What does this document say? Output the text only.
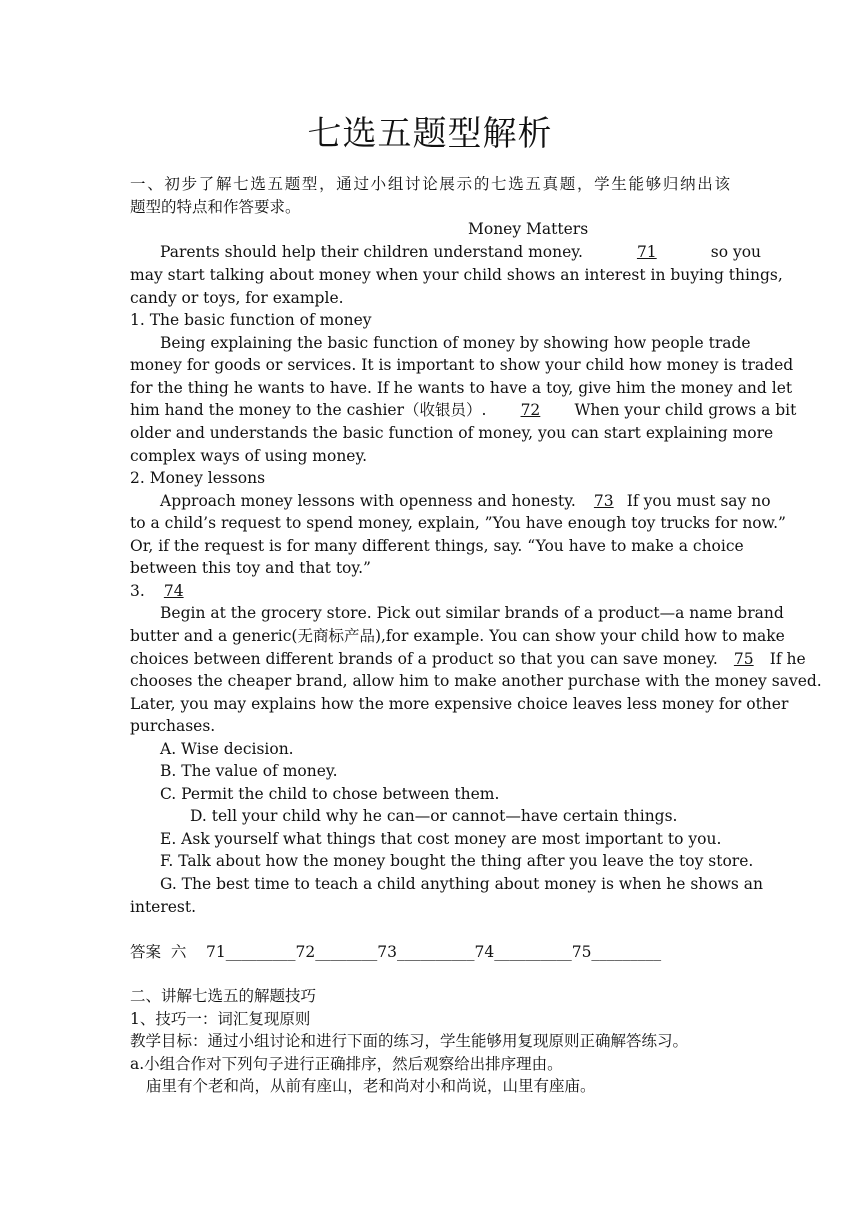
七选五题型解析
一、初步了解七选五题型，通过小组讨论展示的七选五真题，学生能够归纳出该
题型的特点和作答要求。
Money Matters
Parents should help their children understand money.	71	so you
may start talking about money when your child shows an interest in buying things,
candy or toys, for example.
1. The basic function of money
Being explaining the basic function of money by showing how people trade
money for goods or services. It is important to show your child how money is traded
for the thing he wants to have. If he wants to have a toy, give him the money and let
him hand the money to the cashier（收银员）. 72 When your child grows a bit
older and understands the basic function of money, you can start explaining more
complex ways of using money.
2. Money lessons
Approach money lessons with openness and honesty. 73 If you must say no
to a child’s request to spend money, explain, ”You have enough toy trucks for now.”
Or, if the request is for many different things, say. “You have to make a choice
between this toy and that toy.”
3. 74
Begin at the grocery store. Pick out similar brands of a product—a name brand
butter and a generic(无商标产品),for example. You can show your child how to make
choices between different brands of a product so that you can save money. 75 If he
chooses the cheaper brand, allow him to make another purchase with the money saved.
Later, you may explains how the more expensive choice leaves less money for other
purchases.
A. Wise decision.
B. The value of money.
C. Permit the child to chose between them.
D. tell your child why he can—or cannot—have certain things.
E. Ask yourself what things that cost money are most important to you.
F. Talk about how the money bought the thing after you leave the toy store.
G. The best time to teach a child anything about money is when he shows an
interest.
答案  六    71_________72________73__________74__________75_________
二、讲解七选五的解题技巧
1、技巧一：词汇复现原则
教学目标：通过小组讨论和进行下面的练习，学生能够用复现原则正确解答练习。
a.小组合作对下列句子进行正确排序，然后观察给出排序理由。
庙里有个老和尚，从前有座山，老和尚对小和尚说，山里有座庙。
